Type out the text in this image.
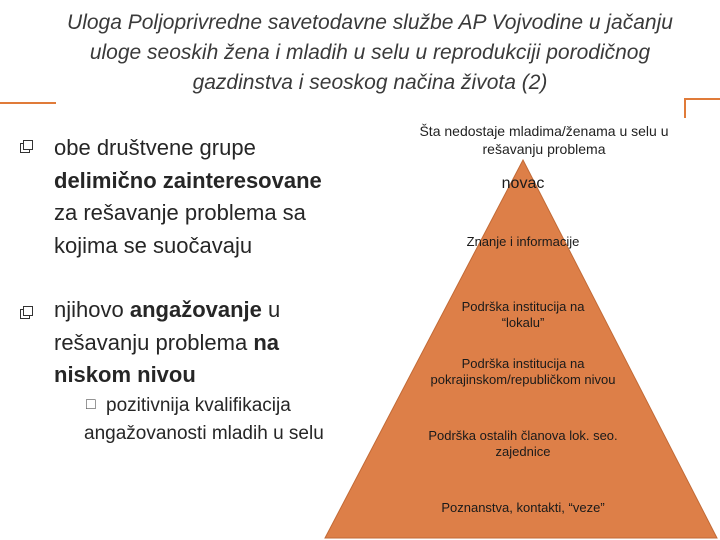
Uloga Poljoprivredne savetodavne službe AP Vojvodine u jačanju uloge seoskih žena i mladih u selu u reprodukciji porodičnog gazdinstva i seoskog načina života (2)
obe društvene grupe delimično zainteresovane za rešavanje problema sa kojima se suočavaju
njihovo angažovanje u rešavanju problema na niskom nivou
□ pozitivnija kvalifikacija angažovanosti mladih u selu
Šta nedostaje mladima/ženama u selu u rešavanju problema
novac
Znanje i informacije
Podrška institucija na “lokalu”
Podrška institucija na pokrajinskom/republičkom nivou
Podrška ostalih članova lok. seo. zajednice
Poznanstva, kontakti, “veze”
